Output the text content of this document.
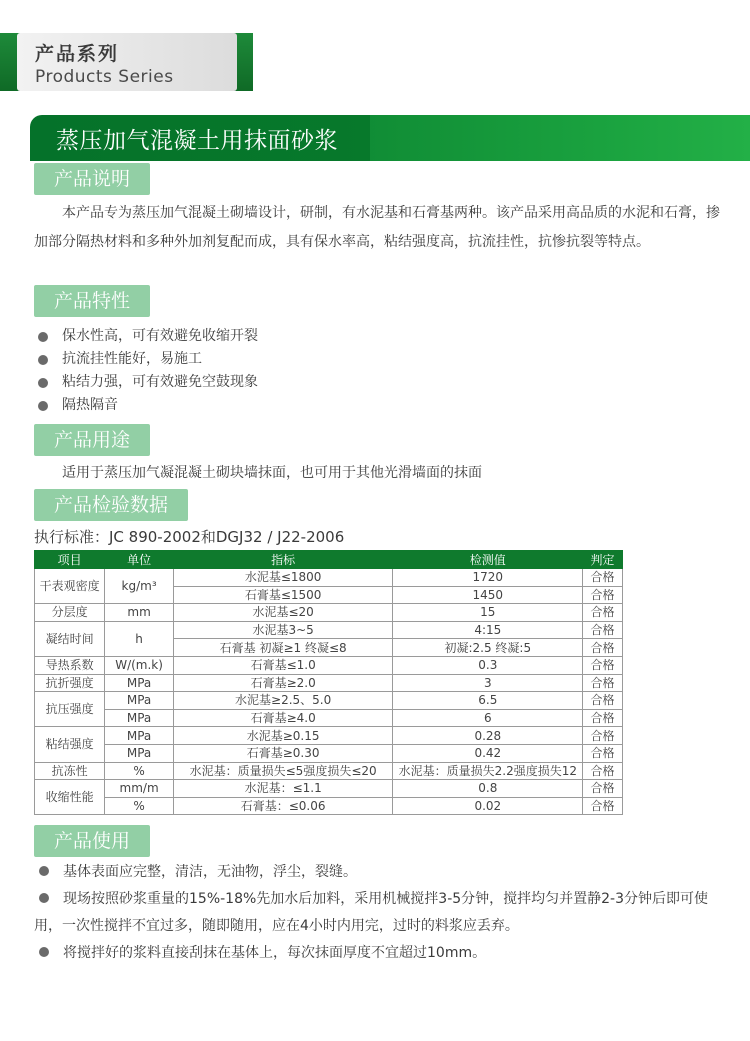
产品系列
Products Series
蒸压加气混凝土用抹面砂浆
产品说明

本产品专为蒸压加气混凝土砌墙设计，研制，有水泥基和石膏基两种。该产品采用高品质的水泥和石膏，掺加部分隔热材料和多种外加剂复配而成，具有保水率高，粘结强度高，抗流挂性，抗惨抗裂等特点。

产品特性
保水性高，可有效避免收缩开裂
抗流挂性能好，易施工
粘结力强，可有效避免空鼓现象
隔热隔音
产品用途

适用于蒸压加气凝混凝土砌块墙抹面，也可用于其他光滑墙面的抹面

产品检验数据
执行标准：JC 890-2002和DGJ32 / J22-2006
项目	单位	指标	检测值	判定
干表观密度	kg/m³	水泥基≤1800	1720	合格
		石膏基≤1500	1450	合格
分层度	mm	水泥基≤20	15	合格
凝结时间	h	水泥基3~5	4:15	合格
		石膏基 初凝≥1 终凝≤8	初凝:2.5 终凝:5	合格
导热系数	W/(m.k)	石膏基≤1.0	0.3	合格
抗折强度	MPa	石膏基≥2.0	3	合格
抗压强度	MPa	水泥基≥2.5、5.0	6.5	合格
	MPa	石膏基≥4.0	6	合格
粘结强度	MPa	水泥基≥0.15	0.28	合格
	MPa	石膏基≥0.30	0.42	合格
抗冻性	%	水泥基：质量损失≤5强度损失≤20	水泥基：质量损失2.2强度损失12	合格
收缩性能	mm/m	水泥基：≤1.1	0.8	合格
	%	石膏基：≤0.06	0.02	合格
产品使用
基体表面应完整，清洁，无油物，浮尘，裂缝。
现场按照砂浆重量的15%-18%先加水后加料，采用机械搅拌3-5分钟，搅拌均匀并置静2-3分钟后即可使用，一次性搅拌不宜过多，随即随用，应在4小时内用完，过时的料浆应丢弃。
将搅拌好的浆料直接刮抹在基体上，每次抹面厚度不宜超过10mm。
